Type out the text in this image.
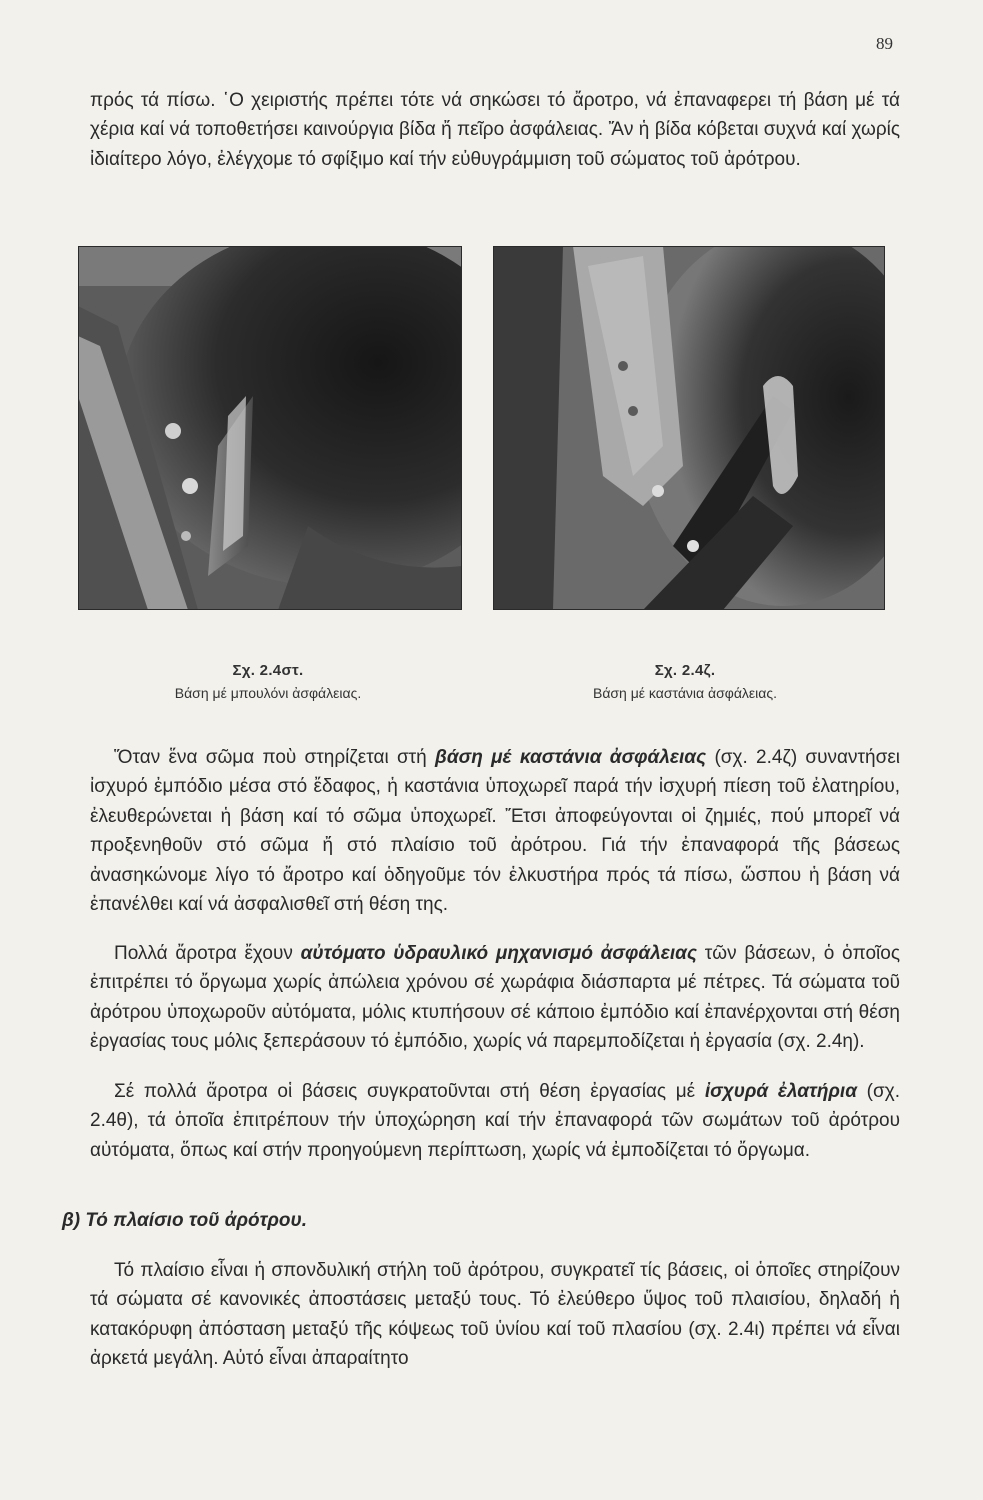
89

πρός τά πίσω. ῾Ο χειριστής πρέπει τότε νά σηκώσει τό ἄροτρο, νά ἐπαναφερει τή βάση μέ τά χέρια καί νά τοποθετήσει καινούργια βίδα ἤ πεῖρο ἀσφάλειας. Ἄν ἡ βίδα κόβεται συχνά καί χωρίς ἰδιαίτερο λόγο, ἐλέγχομε τό σφίξιμο καί τήν εὐθυγράμμιση τοῦ σώματος τοῦ ἀρότρου.

Σχ. 2.4στ.
Βάση μέ μπουλόνι ἀσφάλειας.
Σχ. 2.4ζ.
Βάση μέ καστάνια ἀσφάλειας.

Ὅταν ἕνα σῶμα ποὺ στηρίζεται στή βάση μέ καστάνια ἀσφάλειας (σχ. 2.4ζ) συναντήσει ἰσχυρό ἐμπόδιο μέσα στό ἔδαφος, ἡ καστάνια ὑποχωρεῖ παρά τήν ἰσχυρή πίεση τοῦ ἐλατηρίου, ἐλευθερώνεται ἡ βάση καί τό σῶμα ὑποχωρεῖ. Ἔτσι ἀποφεύγονται οἱ ζημιές, πού μπορεῖ νά προξενηθοῦν στό σῶμα ἤ στό πλαίσιο τοῦ ἀρότρου. Γιά τήν ἐπαναφορά τῆς βάσεως ἀνασηκώνομε λίγο τό ἄροτρο καί ὁδηγοῦμε τόν ἑλκυστήρα πρός τά πίσω, ὥσπου ἡ βάση νά ἐπανέλθει καί νά ἀσφαλισθεῖ στή θέση της.

Πολλά ἄροτρα ἔχουν αὐτόματο ὑδραυλικό μηχανισμό ἀσφάλειας τῶν βάσεων, ὁ ὁποῖος ἐπιτρέπει τό ὄργωμα χωρίς ἀπώλεια χρόνου σέ χωράφια διάσπαρτα μέ πέτρες. Τά σώματα τοῦ ἀρότρου ὑποχωροῦν αὐτόματα, μόλις κτυπήσουν σέ κάποιο ἐμπόδιο καί ἐπανέρχονται στή θέση ἐργασίας τους μόλις ξεπεράσουν τό ἐμπόδιο, χωρίς νά παρεμποδίζεται ἡ ἐργασία (σχ. 2.4η).

Σέ πολλά ἄροτρα οἱ βάσεις συγκρατοῦνται στή θέση ἐργασίας μέ ἰσχυρά ἐλατήρια (σχ. 2.4θ), τά ὁποῖα ἐπιτρέπουν τήν ὑποχώρηση καί τήν ἐπαναφορά τῶν σωμάτων τοῦ ἀρότρου αὐτόματα, ὅπως καί στήν προηγούμενη περίπτωση, χωρίς νά ἐμποδίζεται τό ὄργωμα.

β) Τό πλαίσιο τοῦ ἀρότρου.

Τό πλαίσιο εἶναι ἡ σπονδυλική στήλη τοῦ ἀρότρου, συγκρατεῖ τίς βάσεις, οἱ ὁποῖες στηρίζουν τά σώματα σέ κανονικές ἀποστάσεις μεταξύ τους. Τό ἐλεύθερο ὕψος τοῦ πλαισίου, δηλαδή ἡ κατακόρυφη ἀπόσταση μεταξύ τῆς κόψεως τοῦ ὑνίου καί τοῦ πλασίου (σχ. 2.4ι) πρέπει νά εἶναι ἀρκετά μεγάλη. Αὐτό εἶναι ἀπαραίτητο
